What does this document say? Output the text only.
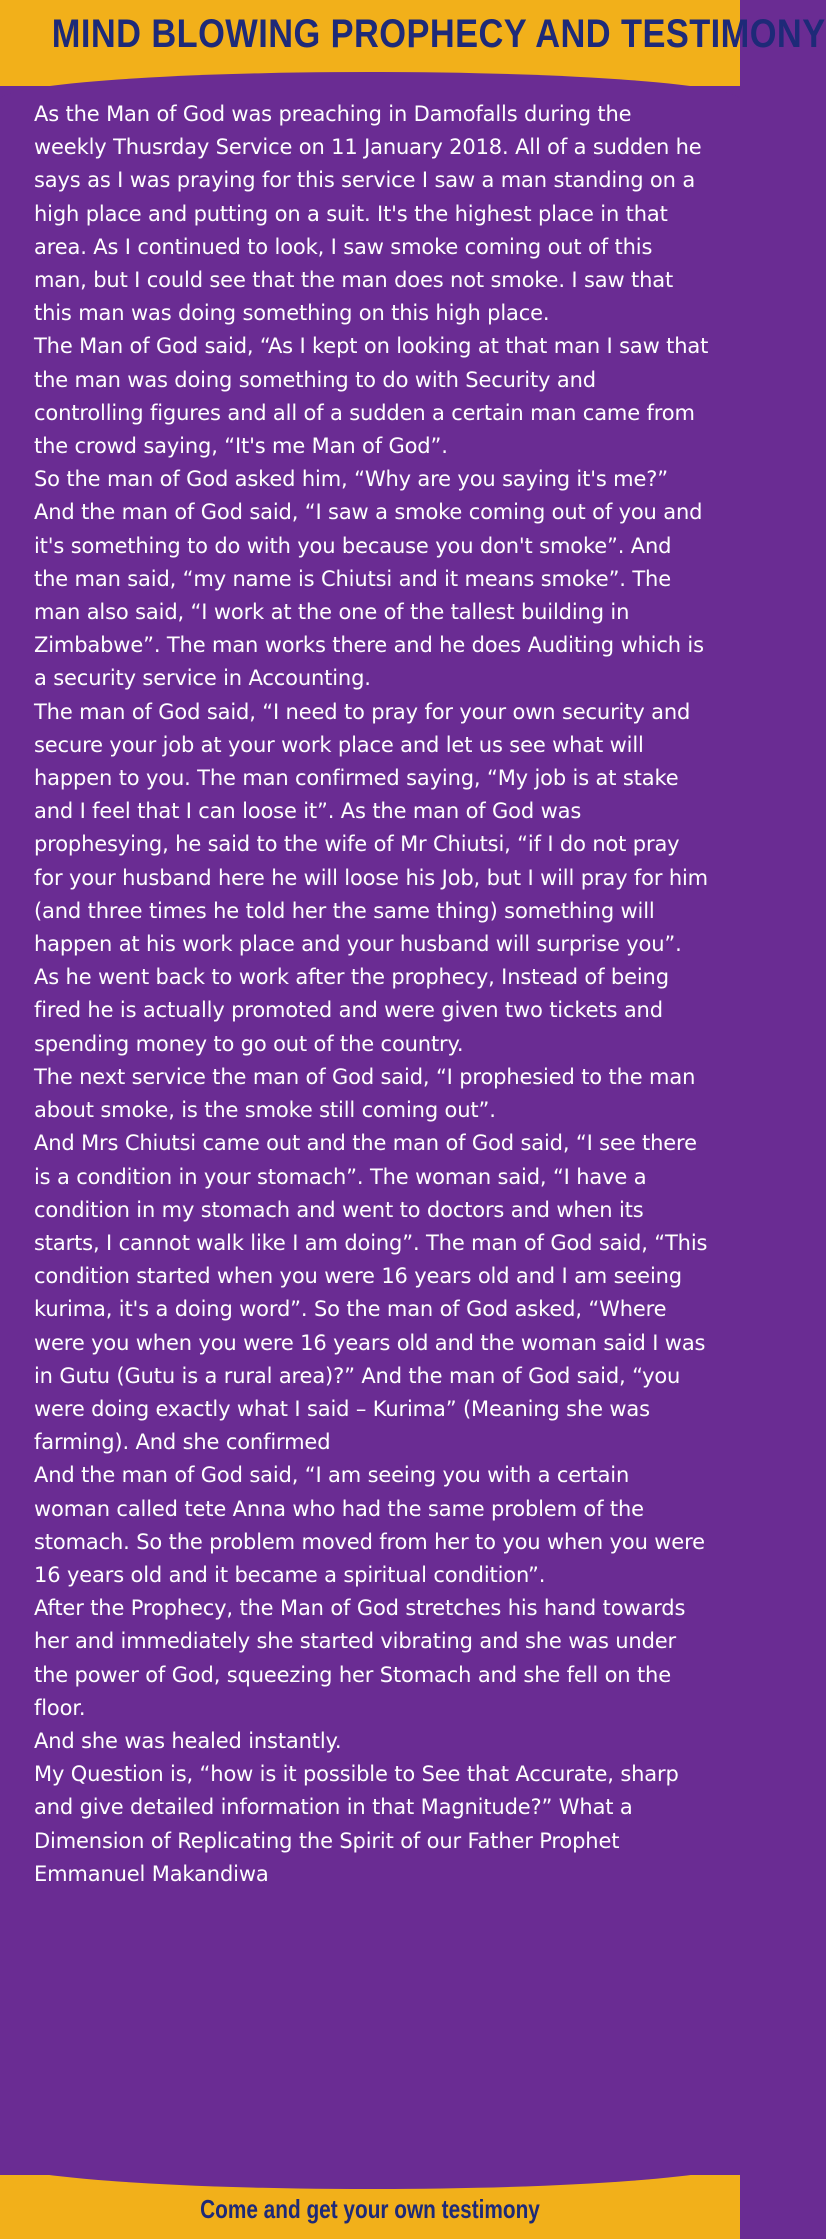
MIND BLOWING PROPHECY AND TESTIMONY

As the Man of God was preaching in Damofalls during the weekly Thusrday Service on 11 January 2018. All of a sudden he says as I was praying for this service I saw a man standing on a high place and putting on a suit. It's the highest place in that area. As I continued to look, I saw smoke coming out of this man, but I could see that the man does not smoke. I saw that this man was doing something on this high place.

The Man of God said, “As I kept on looking at that man I saw that the man was doing something to do with Security and controlling figures and all of a sudden a certain man came from the crowd saying, “It's me Man of God”.

So the man of God asked him, “Why are you saying it's me?”

And the man of God said, “I saw a smoke coming out of you and it's something to do with you because you don't smoke”. And the man said, “my name is Chiutsi and it means smoke”. The man also said, “I work at the one of the tallest building in Zimbabwe”. The man works there and he does Auditing which is a security service in Accounting.

The man of God said, “I need to pray for your own security and secure your job at your work place and let us see what will happen to you. The man confirmed saying, “My job is at stake and I feel that I can loose it”. As the man of God was prophesying, he said to the wife of Mr Chiutsi, “if I do not pray for your husband here he will loose his Job, but I will pray for him (and three times he told her the same thing) something will happen at his work place and your husband will surprise you”. As he went back to work after the prophecy, Instead of being fired he is actually promoted and were given two tickets and spending money to go out of the country.

The next service the man of God said, “I prophesied to the man about smoke, is the smoke still coming out”.

And Mrs Chiutsi came out and the man of God said, “I see there is a condition in your stomach”. The woman said, “I have a condition in my stomach and went to doctors and when its starts, I cannot walk like I am doing”. The man of God said, “This condition started when you were 16 years old and I am seeing kurima, it's a doing word”. So the man of God asked, “Where were you when you were 16 years old and the woman said I was in Gutu (Gutu is a rural area)?” And the man of God said, “you were doing exactly what I said – Kurima” (Meaning she was farming). And she confirmed

And the man of God said, “I am seeing you with a certain woman called tete Anna who had the same problem of the stomach. So the problem moved from her to you when you were 16 years old and it became a spiritual condition”.

After the Prophecy, the Man of God stretches his hand towards her and immediately she started vibrating and she was under the power of God, squeezing her Stomach and she fell on the floor.

And she was healed instantly.

My Question is, “how is it possible to See that Accurate, sharp and give detailed information in that Magnitude?” What a Dimension of Replicating the Spirit of our Father Prophet Emmanuel Makandiwa

Come and get your own testimony
